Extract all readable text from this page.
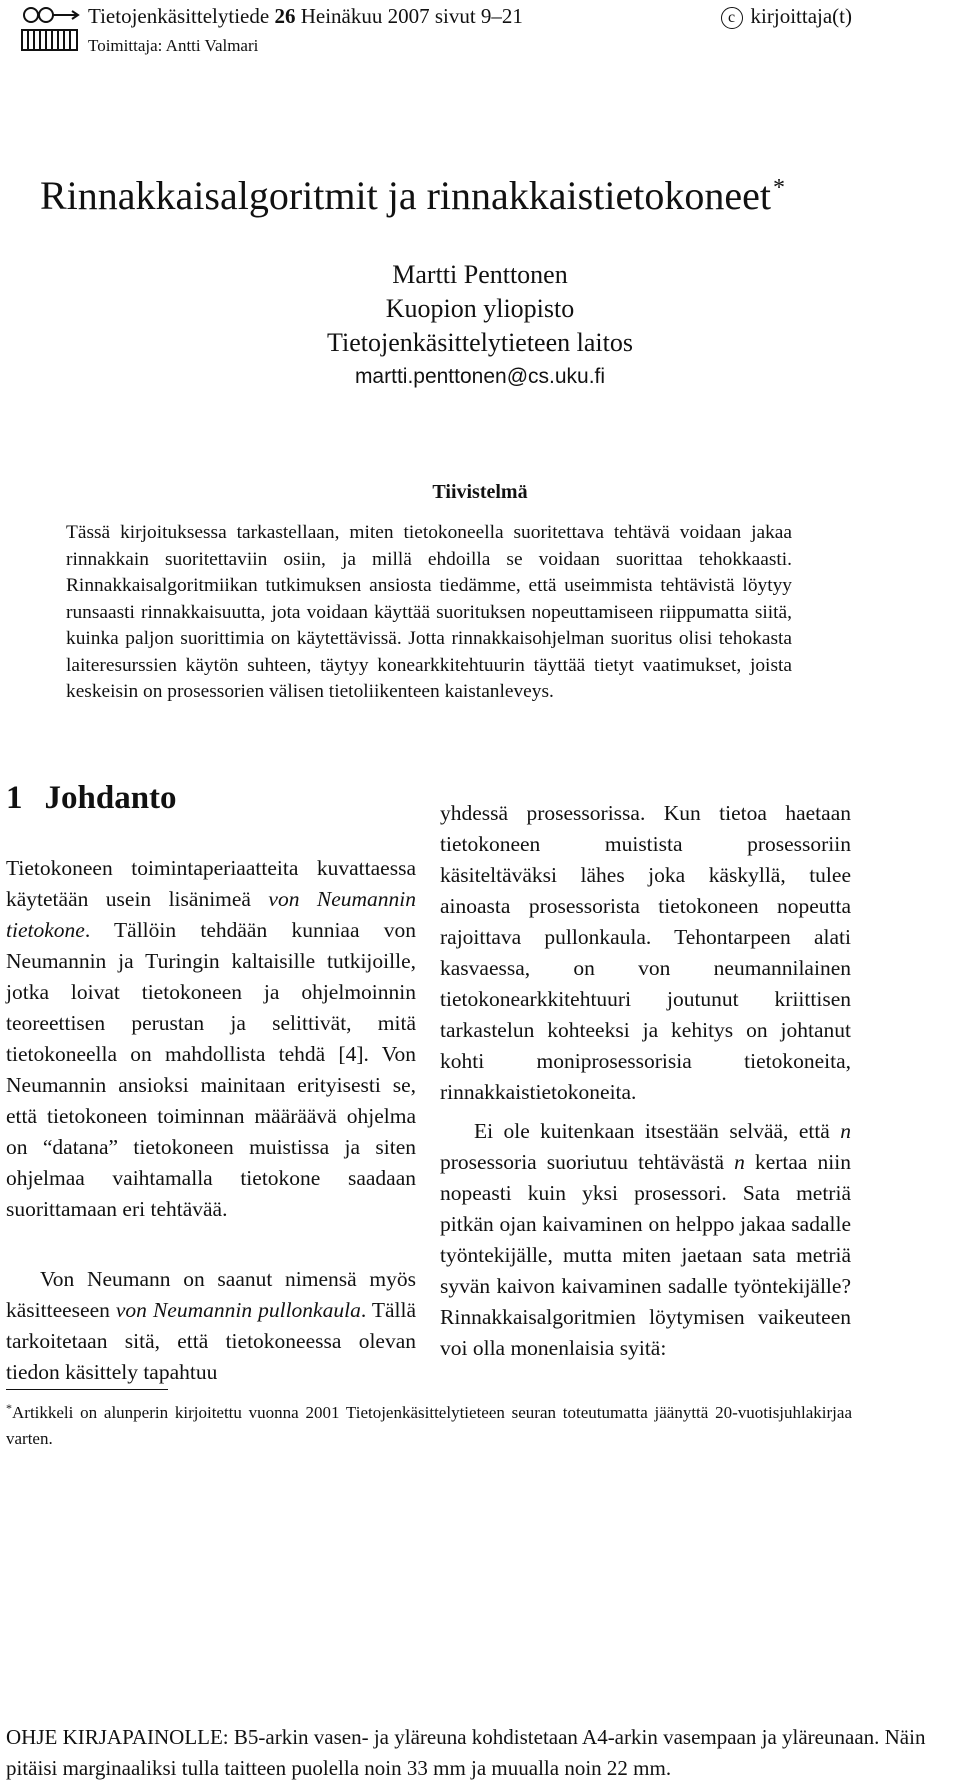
Tietojenkäsittelytiede 26 Heinäkuu 2007 sivut 9–21
Toimittaja: Antti Valmari
c kirjoittaja(t)
Rinnakkaisalgoritmit ja rinnakkaistietokoneet*
Martti Penttonen
Kuopion yliopisto
Tietojenkäsittelytieteen laitos
martti.penttonen@cs.uku.fi
Tiivistelmä

Tässä kirjoituksessa tarkastellaan, miten tietokoneella suoritettava tehtävä voidaan jakaa rinnakkain suoritettaviin osiin, ja millä ehdoilla se voidaan suorittaa tehokkaasti. Rinnakkaisalgoritmiikan tutkimuksen ansiosta tiedämme, että useimmista tehtävistä löytyy runsaasti rinnakkaisuutta, jota voidaan käyttää suorituksen nopeuttamiseen riippumatta siitä, kuinka paljon suorittimia on käytettävissä. Jotta rinnakkaisohjelman suoritus olisi tehokasta laiteresurssien käytön suhteen, täytyy konearkkitehtuurin täyttää tietyt vaatimukset, joista keskeisin on prosessorien välisen tietoliikenteen kaistanleveys.

1 Johdanto

Tietokoneen toimintaperiaatteita kuvattaessa käytetään usein lisänimeä von Neumannin tietokone. Tällöin tehdään kunniaa von Neumannin ja Turingin kaltaisille tutkijoille, jotka loivat tietokoneen ja ohjelmoinnin teoreettisen perustan ja selittivät, mitä tietokoneella on mahdollista tehdä [4]. Von Neumannin ansioksi mainitaan erityisesti se, että tietokoneen toiminnan määräävä ohjelma on “datana” tietokoneen muistissa ja siten ohjelmaa vaihtamalla tietokone saadaan suorittamaan eri tehtävää.

Von Neumann on saanut nimensä myös käsitteeseen von Neumannin pullonkaula. Tällä tarkoitetaan sitä, että tietokoneessa olevan tiedon käsittely tapahtuu

yhdessä prosessorissa. Kun tietoa haetaan tietokoneen muistista prosessoriin käsiteltäväksi lähes joka käskyllä, tulee ainoasta prosessorista tietokoneen nopeutta rajoittava pullonkaula. Tehontarpeen alati kasvaessa, on von neumannilainen tietokonearkkitehtuuri joutunut kriittisen tarkastelun kohteeksi ja kehitys on johtanut kohti moniprosessorisia tietokoneita, rinnakkaistietokoneita.

Ei ole kuitenkaan itsestään selvää, että n prosessoria suoriutuu tehtävästä n kertaa niin nopeasti kuin yksi prosessori. Sata metriä pitkän ojan kaivaminen on helppo jakaa sadalle työntekijälle, mutta miten jaetaan sata metriä syvän kaivon kaivaminen sadalle työntekijälle? Rinnakkaisalgoritmien löytymisen vaikeuteen voi olla monenlaisia syitä:

*Artikkeli on alunperin kirjoitettu vuonna 2001 Tietojenkäsittelytieteen seuran toteutumatta jäänyttä 20-vuotisjuhlakirjaa varten.

OHJE KIRJAPAINOLLE: B5-arkin vasen- ja yläreuna kohdistetaan A4-arkin vasempaan ja yläreunaan. Näin pitäisi marginaaliksi tulla taitteen puolella noin 33 mm ja muualla noin 22 mm.
